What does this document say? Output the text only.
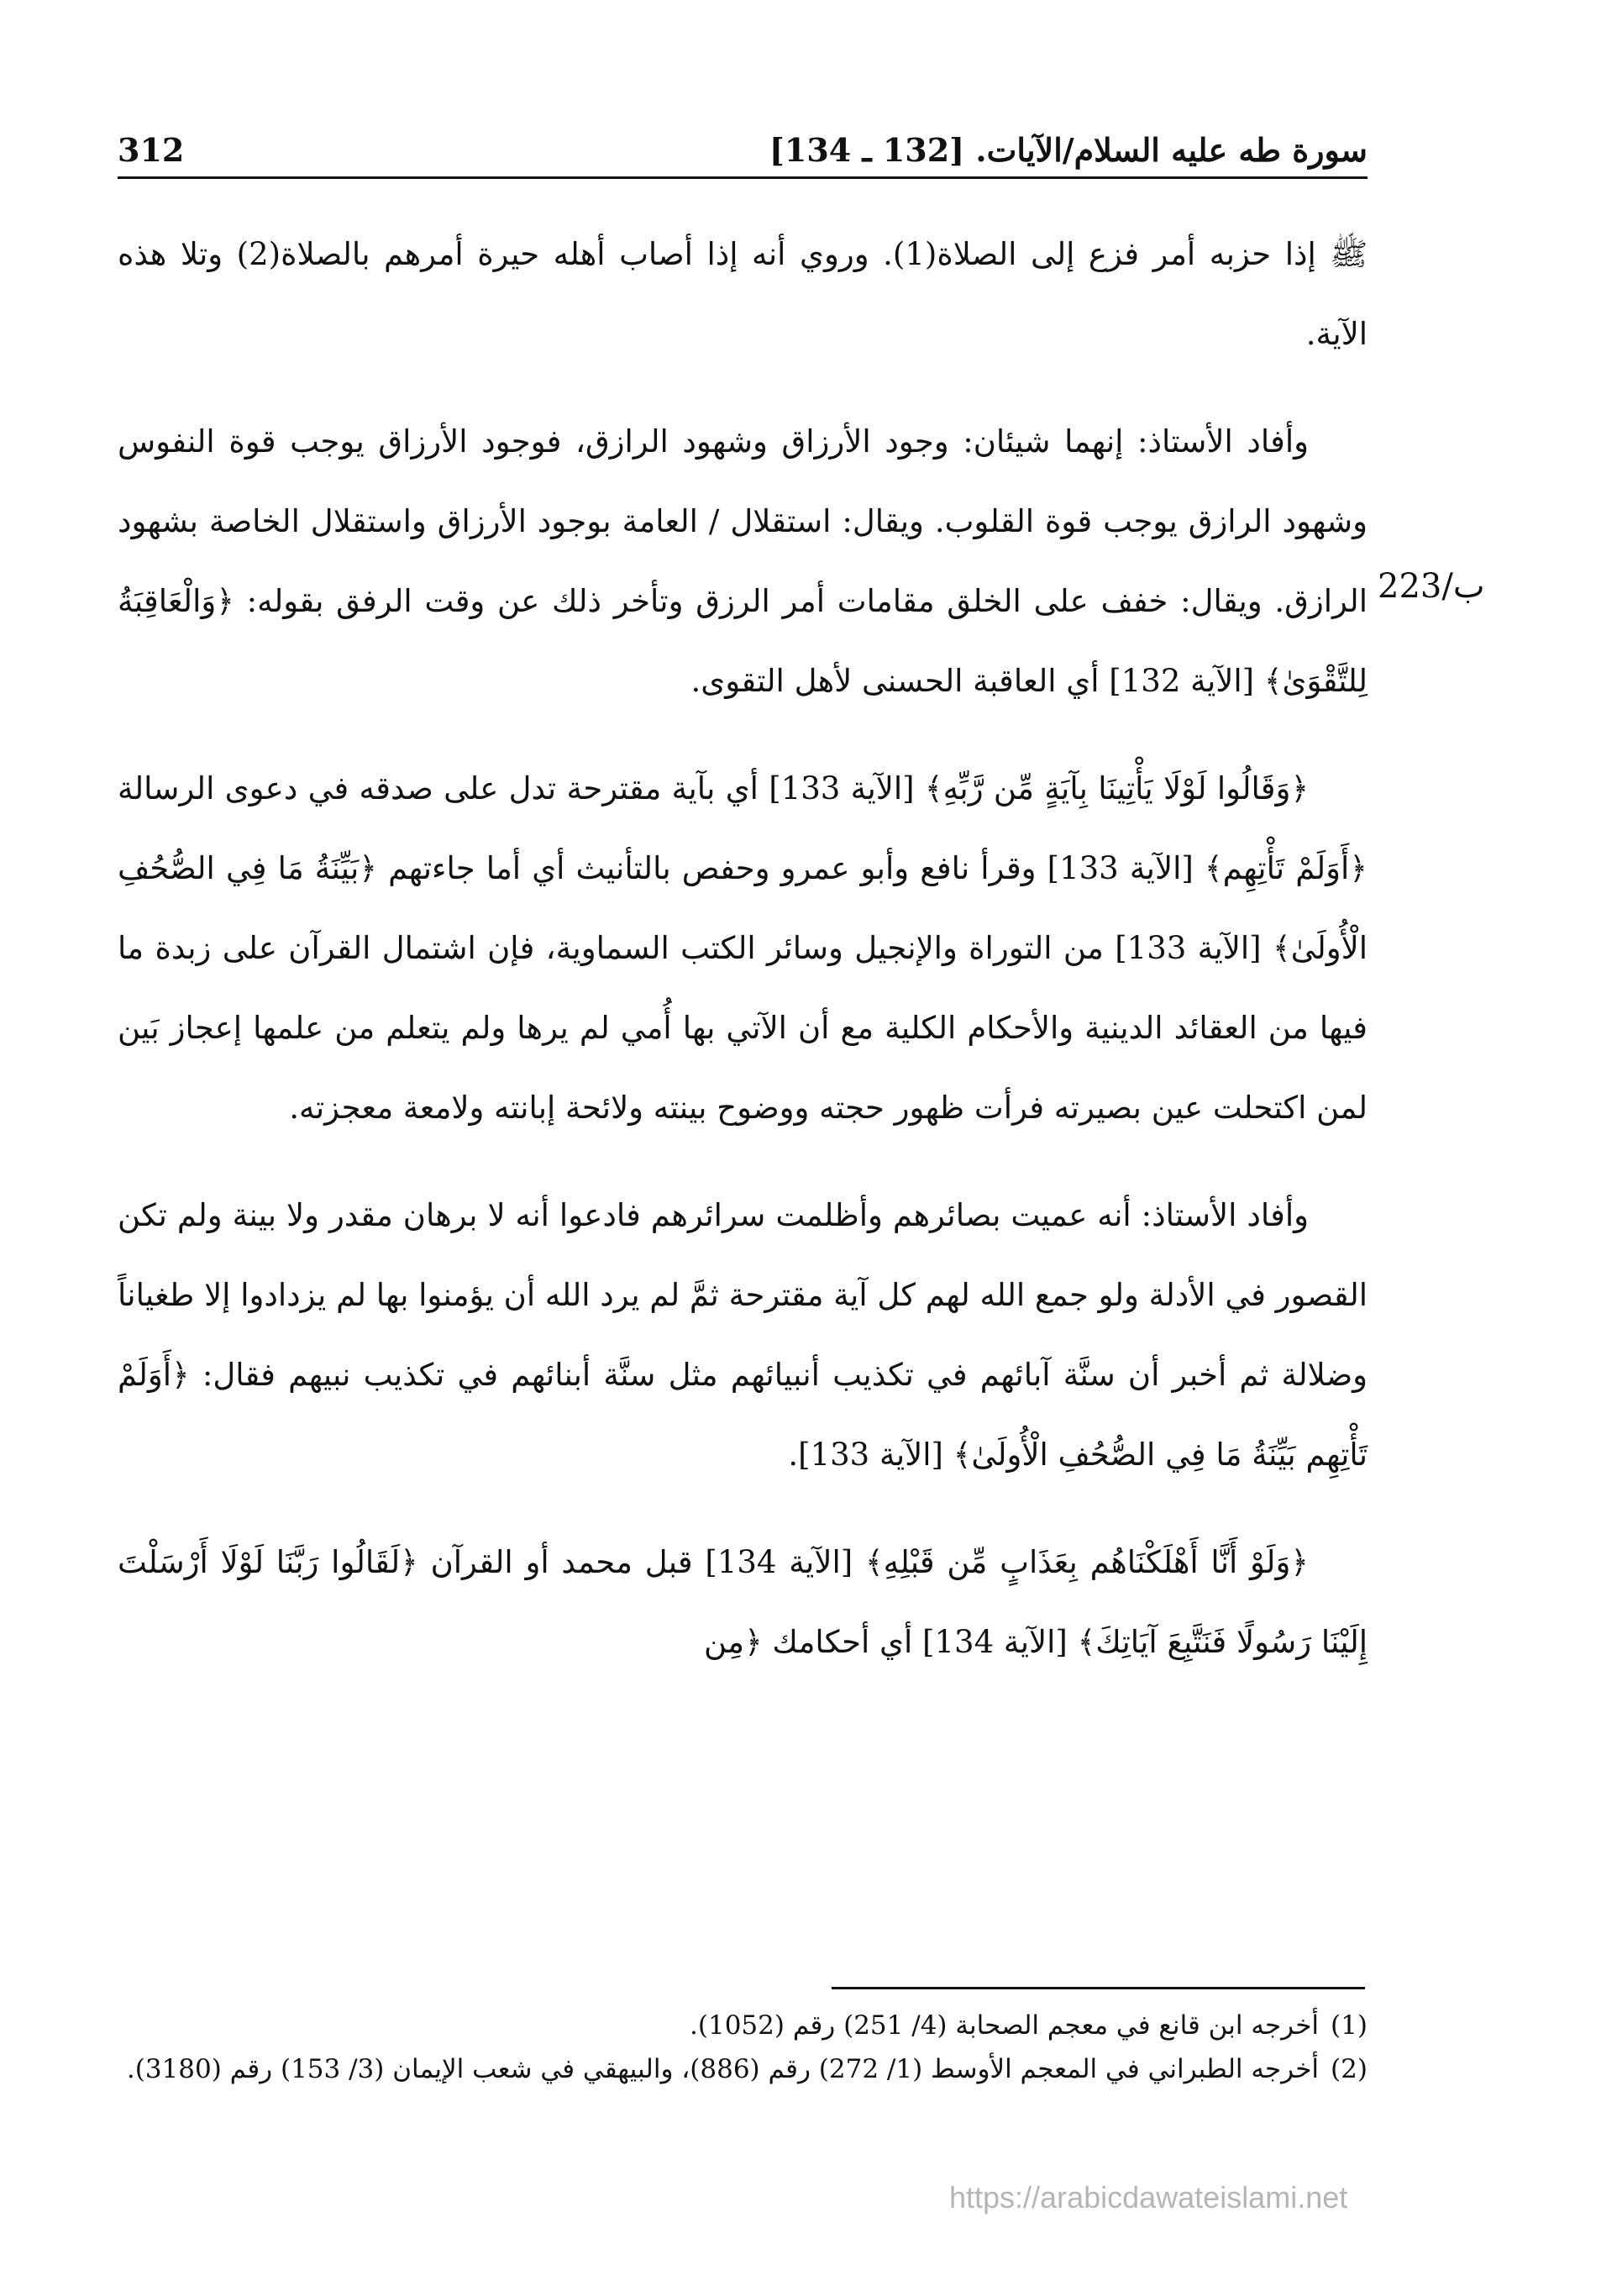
312	سورة طه عليه السلام/الآيات. [132 ـ 134]
223/ب

ﷺ إذا حزبه أمر فزع إلى الصلاة(1). وروي أنه إذا أصاب أهله حيرة أمرهم بالصلاة(2) وتلا هذه الآية.

وأفاد الأستاذ: إنهما شيئان: وجود الأرزاق وشهود الرازق، فوجود الأرزاق يوجب قوة النفوس وشهود الرازق يوجب قوة القلوب. ويقال: استقلال / العامة بوجود الأرزاق واستقلال الخاصة بشهود الرازق. ويقال: خفف على الخلق مقامات أمر الرزق وتأخر ذلك عن وقت الرفق بقوله: ﴿وَالْعَاقِبَةُ لِلتَّقْوَىٰ﴾ [الآية 132] أي العاقبة الحسنى لأهل التقوى.

﴿وَقَالُوا لَوْلَا يَأْتِينَا بِآيَةٍ مِّن رَّبِّهِ﴾ [الآية 133] أي بآية مقترحة تدل على صدقه في دعوى الرسالة ﴿أَوَلَمْ تَأْتِهِم﴾ [الآية 133] وقرأ نافع وأبو عمرو وحفص بالتأنيث أي أما جاءتهم ﴿بَيِّنَةُ مَا فِي الصُّحُفِ الْأُولَىٰ﴾ [الآية 133] من التوراة والإنجيل وسائر الكتب السماوية، فإن اشتمال القرآن على زبدة ما فيها من العقائد الدينية والأحكام الكلية مع أن الآتي بها أُمي لم يرها ولم يتعلم من علمها إعجاز بَين لمن اكتحلت عين بصيرته فرأت ظهور حجته ووضوح بينته ولائحة إبانته ولامعة معجزته.

وأفاد الأستاذ: أنه عميت بصائرهم وأظلمت سرائرهم فادعوا أنه لا برهان مقدر ولا بينة ولم تكن القصور في الأدلة ولو جمع الله لهم كل آية مقترحة ثمَّ لم يرد الله أن يؤمنوا بها لم يزدادوا إلا طغياناً وضلالة ثم أخبر أن سنَّة آبائهم في تكذيب أنبيائهم مثل سنَّة أبنائهم في تكذيب نبيهم فقال: ﴿أَوَلَمْ تَأْتِهِم بَيِّنَةُ مَا فِي الصُّحُفِ الْأُولَىٰ﴾ [الآية 133].

﴿وَلَوْ أَنَّا أَهْلَكْنَاهُم بِعَذَابٍ مِّن قَبْلِهِ﴾ [الآية 134] قبل محمد أو القرآن ﴿لَقَالُوا رَبَّنَا لَوْلَا أَرْسَلْتَ إِلَيْنَا رَسُولًا فَنَتَّبِعَ آيَاتِكَ﴾ [الآية 134] أي أحكامك ﴿مِن

(1)
أخرجه ابن قانع في معجم الصحابة (4/ 251) رقم (1052).
(2)
أخرجه الطبراني في المعجم الأوسط (1/ 272) رقم (886)، والبيهقي في شعب الإيمان (3/ 153) رقم (3180).
https://arabicdawateislami.net
